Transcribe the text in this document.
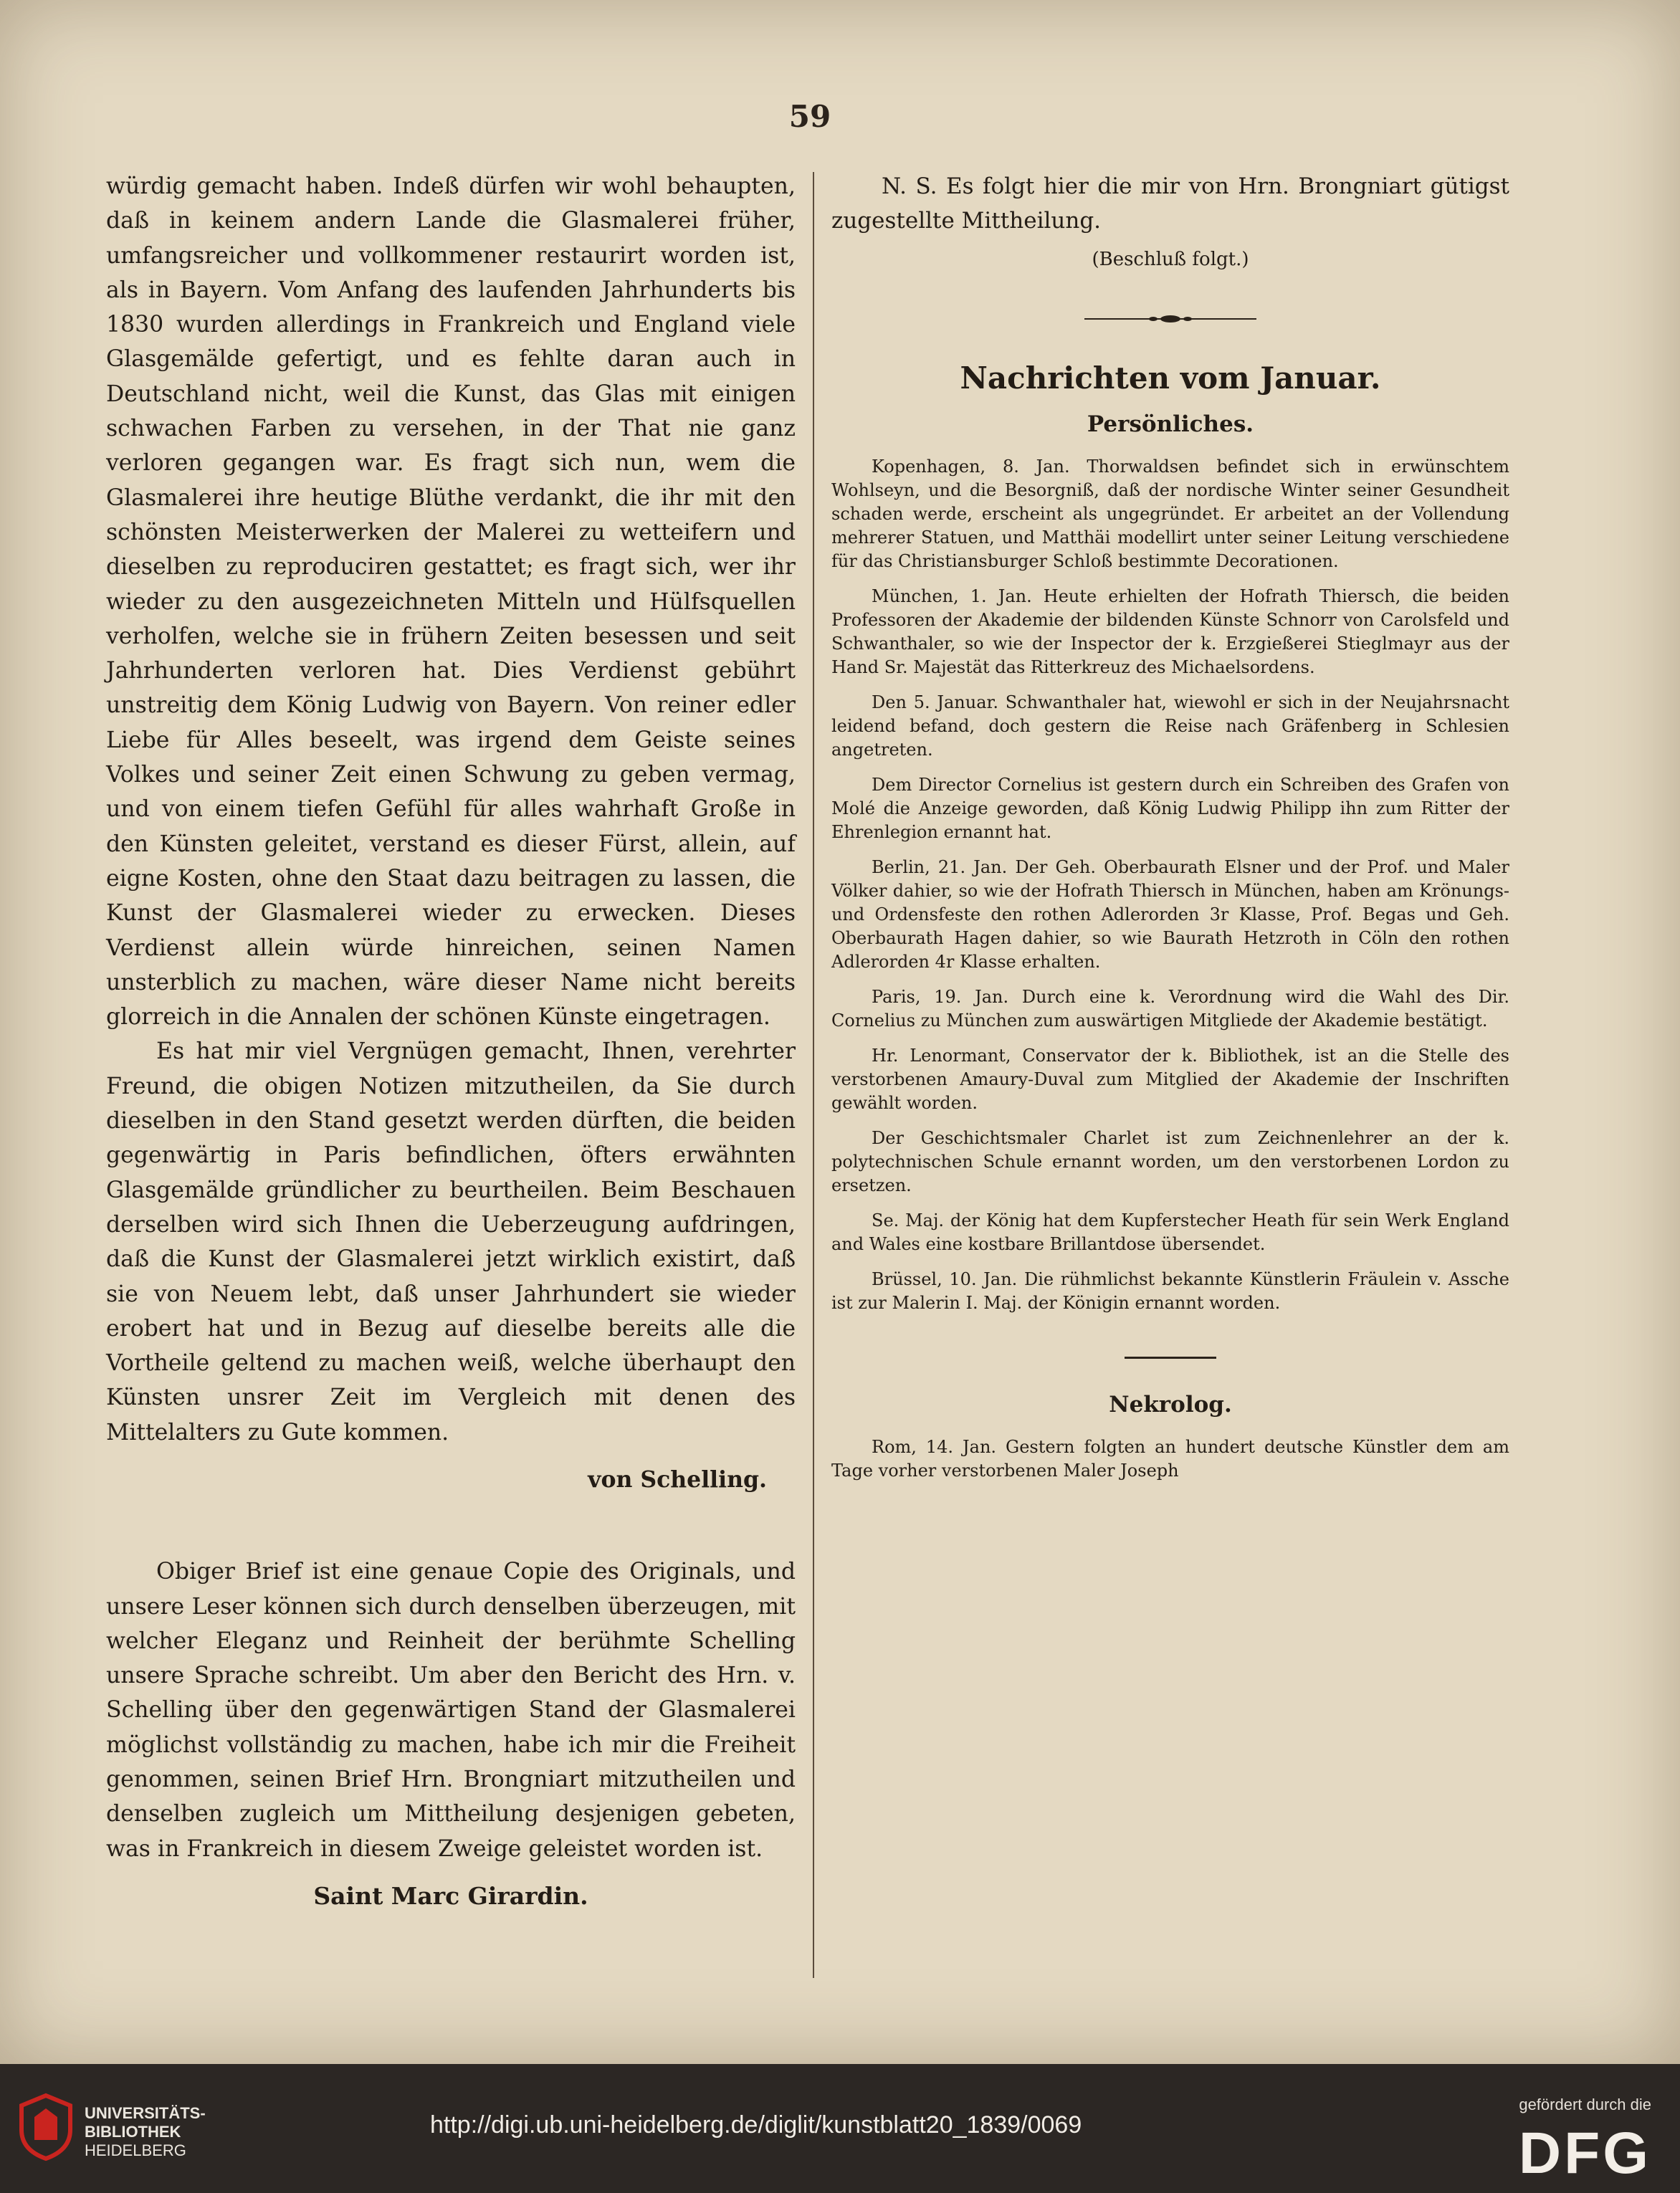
59

würdig gemacht haben. Indeß dürfen wir wohl behaupten, daß in keinem andern Lande die Glasmalerei früher, umfangsreicher und vollkommener restaurirt worden ist, als in Bayern. Vom Anfang des laufenden Jahrhunderts bis 1830 wurden allerdings in Frankreich und England viele Glasgemälde gefertigt, und es fehlte daran auch in Deutschland nicht, weil die Kunst, das Glas mit einigen schwachen Farben zu versehen, in der That nie ganz verloren gegangen war. Es fragt sich nun, wem die Glasmalerei ihre heutige Blüthe verdankt, die ihr mit den schönsten Meisterwerken der Malerei zu wetteifern und dieselben zu reproduciren gestattet; es fragt sich, wer ihr wieder zu den ausgezeichneten Mitteln und Hülfsquellen verholfen, welche sie in frühern Zeiten besessen und seit Jahrhunderten verloren hat. Dies Verdienst gebührt unstreitig dem König Ludwig von Bayern. Von reiner edler Liebe für Alles beseelt, was irgend dem Geiste seines Volkes und seiner Zeit einen Schwung zu geben vermag, und von einem tiefen Gefühl für alles wahrhaft Große in den Künsten geleitet, verstand es dieser Fürst, allein, auf eigne Kosten, ohne den Staat dazu beitragen zu lassen, die Kunst der Glasmalerei wieder zu erwecken. Dieses Verdienst allein würde hinreichen, seinen Namen unsterblich zu machen, wäre dieser Name nicht bereits glorreich in die Annalen der schönen Künste eingetragen.

Es hat mir viel Vergnügen gemacht, Ihnen, verehrter Freund, die obigen Notizen mitzutheilen, da Sie durch dieselben in den Stand gesetzt werden dürften, die beiden gegenwärtig in Paris befindlichen, öfters erwähnten Glasgemälde gründlicher zu beurtheilen. Beim Beschauen derselben wird sich Ihnen die Ueberzeugung aufdringen, daß die Kunst der Glasmalerei jetzt wirklich existirt, daß sie von Neuem lebt, daß unser Jahrhundert sie wieder erobert hat und in Bezug auf dieselbe bereits alle die Vortheile geltend zu machen weiß, welche überhaupt den Künsten unsrer Zeit im Vergleich mit denen des Mittelalters zu Gute kommen.

von Schelling.

Obiger Brief ist eine genaue Copie des Originals, und unsere Leser können sich durch denselben überzeugen, mit welcher Eleganz und Reinheit der berühmte Schelling unsere Sprache schreibt. Um aber den Bericht des Hrn. v. Schelling über den gegenwärtigen Stand der Glasmalerei möglichst vollständig zu machen, habe ich mir die Freiheit genommen, seinen Brief Hrn. Brongniart mitzutheilen und denselben zugleich um Mittheilung desjenigen gebeten, was in Frankreich in diesem Zweige geleistet worden ist.

Saint Marc Girardin.

N. S. Es folgt hier die mir von Hrn. Brongniart gütigst zugestellte Mittheilung.

(Beschluß folgt.)

Nachrichten vom Januar.
Persönliches.

Kopenhagen, 8. Jan. Thorwaldsen befindet sich in erwünschtem Wohlseyn, und die Besorgniß, daß der nordische Winter seiner Gesundheit schaden werde, erscheint als ungegründet. Er arbeitet an der Vollendung mehrerer Statuen, und Matthäi modellirt unter seiner Leitung verschiedene für das Christiansburger Schloß bestimmte Decorationen.

München, 1. Jan. Heute erhielten der Hofrath Thiersch, die beiden Professoren der Akademie der bildenden Künste Schnorr von Carolsfeld und Schwanthaler, so wie der Inspector der k. Erzgießerei Stieglmayr aus der Hand Sr. Majestät das Ritterkreuz des Michaelsordens.

Den 5. Januar. Schwanthaler hat, wiewohl er sich in der Neujahrsnacht leidend befand, doch gestern die Reise nach Gräfenberg in Schlesien angetreten.

Dem Director Cornelius ist gestern durch ein Schreiben des Grafen von Molé die Anzeige geworden, daß König Ludwig Philipp ihn zum Ritter der Ehrenlegion ernannt hat.

Berlin, 21. Jan. Der Geh. Oberbaurath Elsner und der Prof. und Maler Völker dahier, so wie der Hofrath Thiersch in München, haben am Krönungs- und Ordensfeste den rothen Adlerorden 3r Klasse, Prof. Begas und Geh. Oberbaurath Hagen dahier, so wie Baurath Hetzroth in Cöln den rothen Adlerorden 4r Klasse erhalten.

Paris, 19. Jan. Durch eine k. Verordnung wird die Wahl des Dir. Cornelius zu München zum auswärtigen Mitgliede der Akademie bestätigt.

Hr. Lenormant, Conservator der k. Bibliothek, ist an die Stelle des verstorbenen Amaury-Duval zum Mitglied der Akademie der Inschriften gewählt worden.

Der Geschichtsmaler Charlet ist zum Zeichnenlehrer an der k. polytechnischen Schule ernannt worden, um den verstorbenen Lordon zu ersetzen.

Se. Maj. der König hat dem Kupferstecher Heath für sein Werk England and Wales eine kostbare Brillantdose übersendet.

Brüssel, 10. Jan. Die rühmlichst bekannte Künstlerin Fräulein v. Assche ist zur Malerin I. Maj. der Königin ernannt worden.

Nekrolog.

Rom, 14. Jan. Gestern folgten an hundert deutsche Künstler dem am Tage vorher verstorbenen Maler Joseph

UNIVERSITÄTS-
BIBLIOTHEK
HEIDELBERG
http://digi.ub.uni-heidelberg.de/diglit/kunstblatt20_1839/0069
gefördert durch die
DFG
